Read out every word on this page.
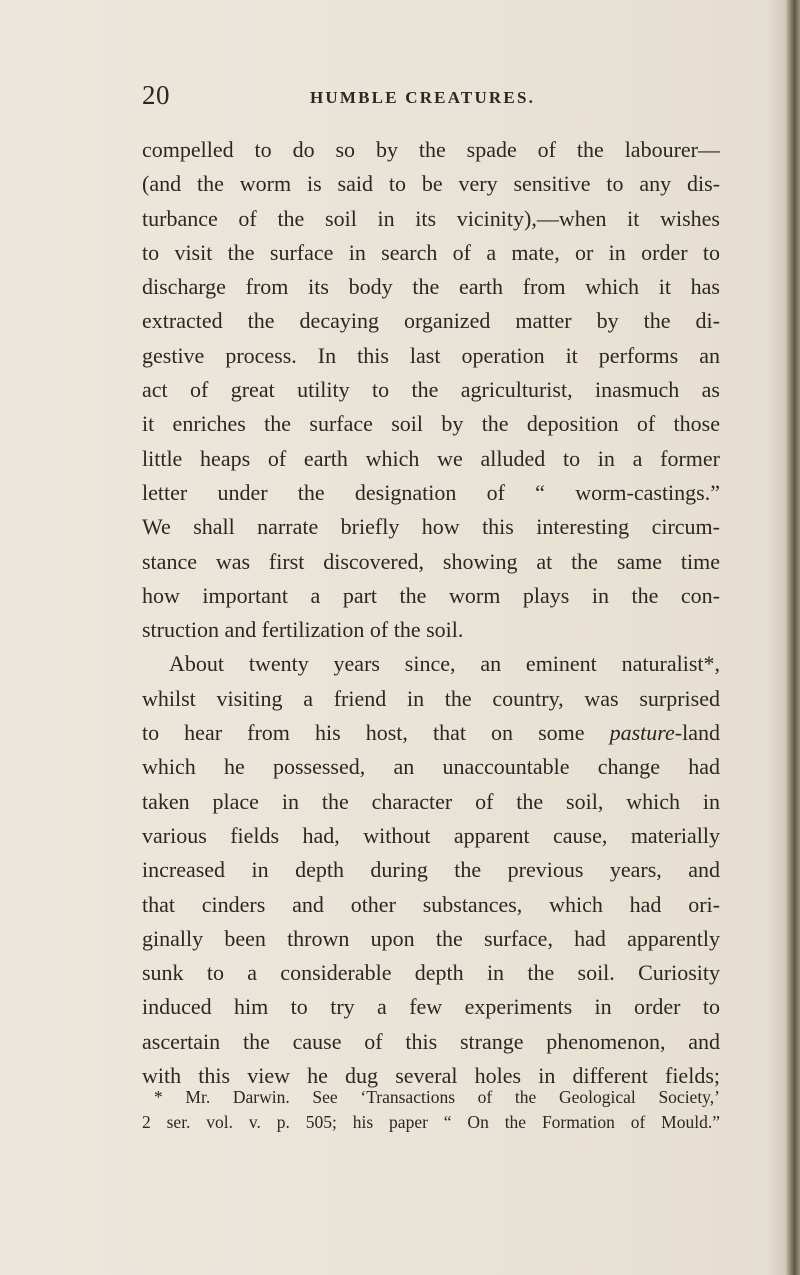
20	HUMBLE CREATURES.
compelled to do so by the spade of the labourer—
(and the worm is said to be very sensitive to any dis-
turbance of the soil in its vicinity),—when it wishes
to visit the surface in search of a mate, or in order to
discharge from its body the earth from which it has
extracted the decaying organized matter by the di-
gestive process. In this last operation it performs an
act of great utility to the agriculturist, inasmuch as
it enriches the surface soil by the deposition of those
little heaps of earth which we alluded to in a former
letter under the designation of “ worm-castings.”
We shall narrate briefly how this interesting circum-
stance was first discovered, showing at the same time
how important a part the worm plays in the con-
struction and fertilization of the soil.
About twenty years since, an eminent naturalist*,
whilst visiting a friend in the country, was surprised
to hear from his host, that on some pasture-land
which he possessed, an unaccountable change had
taken place in the character of the soil, which in
various fields had, without apparent cause, materially
increased in depth during the previous years, and
that cinders and other substances, which had ori-
ginally been thrown upon the surface, had apparently
sunk to a considerable depth in the soil. Curiosity
induced him to try a few experiments in order to
ascertain the cause of this strange phenomenon, and
with this view he dug several holes in different fields;
* Mr. Darwin. See ‘Transactions of the Geological Society,’
2 ser. vol. v. p. 505; his paper “ On the Formation of Mould.”
